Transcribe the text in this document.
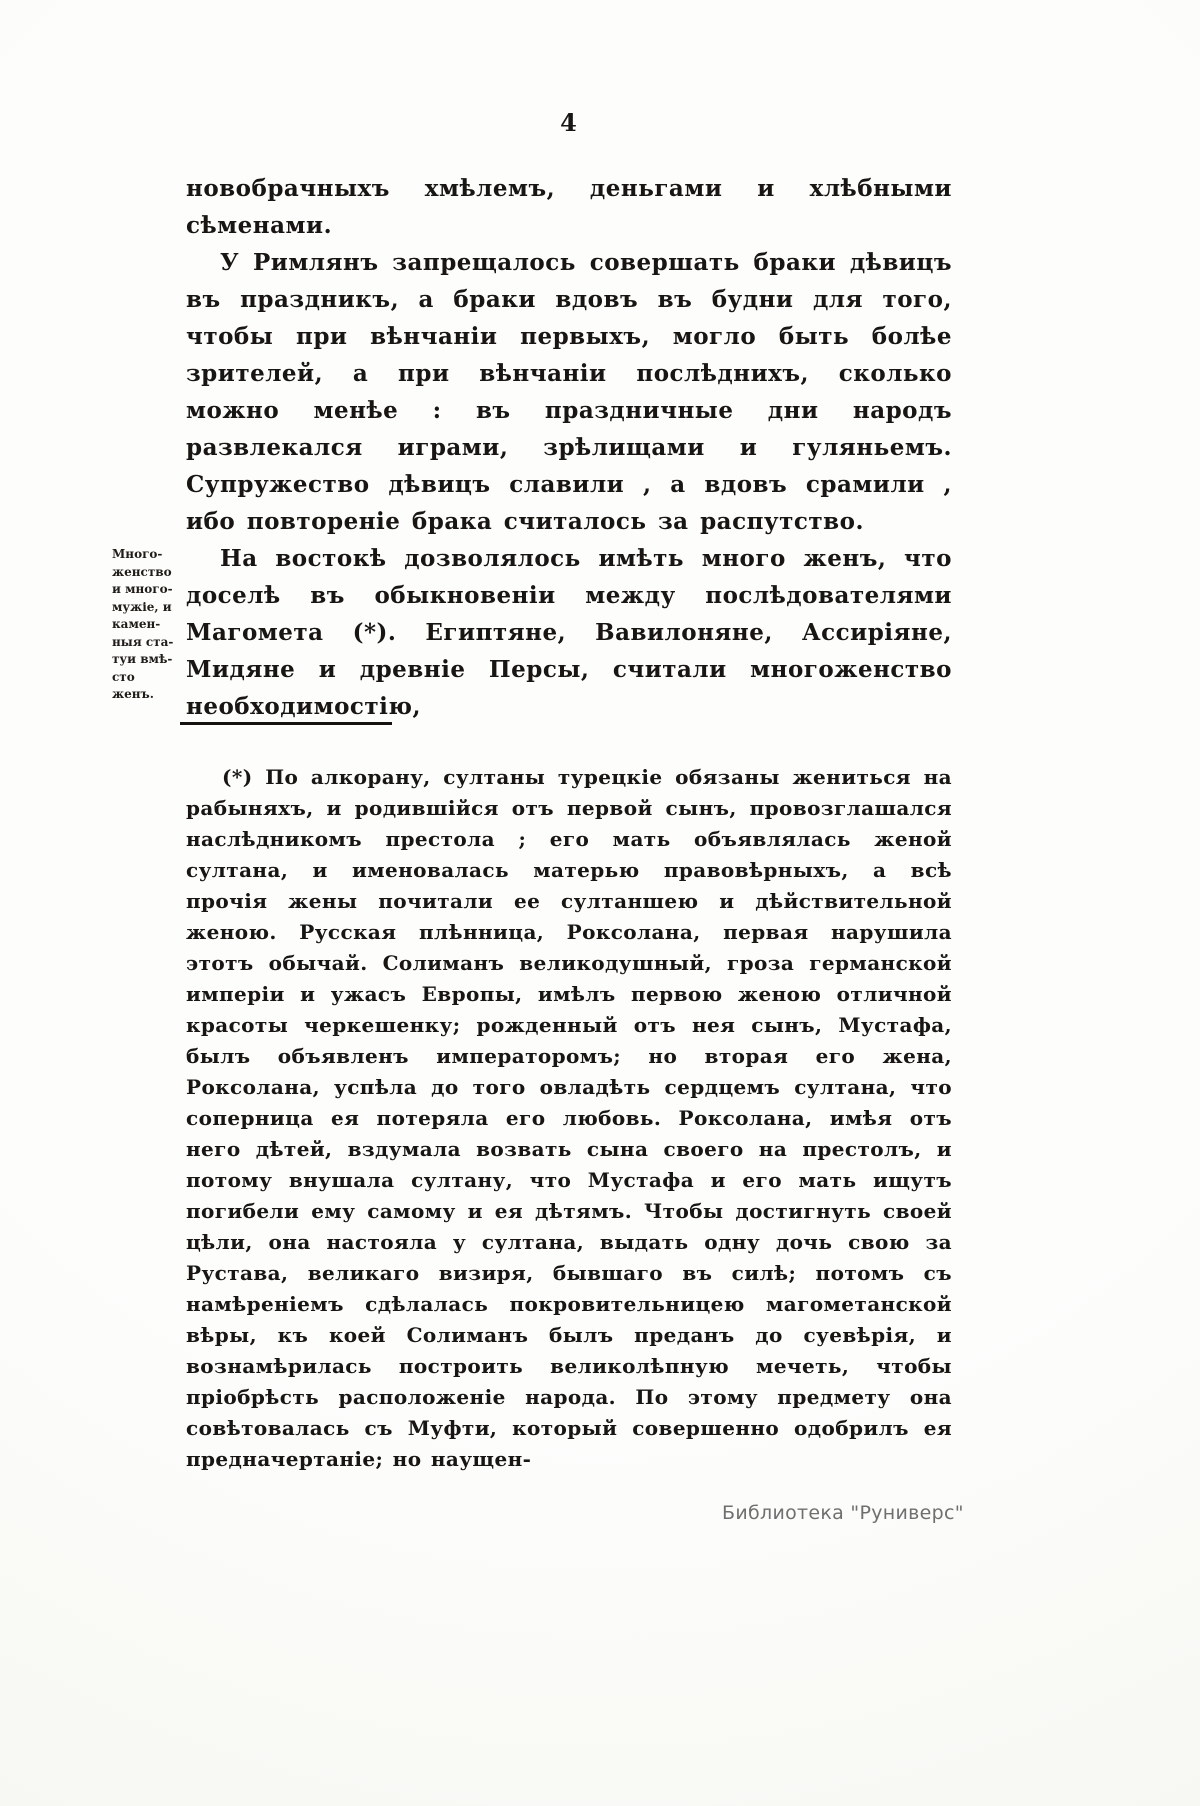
4
Много-
женство
и много-
мужіе, и
камен-
ныя ста-
туи вмѣ-
сто
женъ.

новобрачныхъ хмѣлемъ, деньгами и хлѣбными сѣменами.

У Римлянъ запрещалось совершать браки дѣвицъ въ праздникъ, а браки вдовъ въ будни для того, чтобы при вѣнчаніи первыхъ, могло быть болѣе зрителей, а при вѣнчаніи послѣднихъ, сколько можно менѣе : въ праздничные дни народъ развлекался играми, зрѣлищами и гуляньемъ. Супружество дѣвицъ славили , а вдовъ срамили , ибо повтореніе брака считалось за распутство.

На востокѣ дозволялось имѣть много женъ, что доселѣ въ обыкновеніи между послѣдователями Магомета (*). Египтяне, Вавилоняне, Ассиріяне, Мидяне и древніе Персы, считали многоженство необходимостію,

(*) По алкорану, султаны турецкіе обязаны жениться на рабыняхъ, и родившійся отъ первой сынъ, провозглашался наслѣдникомъ престола ; его мать объявлялась женой султана, и именовалась матерью правовѣрныхъ, а всѣ прочія жены почитали ее султаншею и дѣйствительной женою. Русская плѣнница, Роксолана, первая нарушила этотъ обычай. Солиманъ великодушный, гроза германской имперіи и ужасъ Европы, имѣлъ первою женою отличной красоты черкешенку; рожденный отъ нея сынъ, Мустафа, былъ объявленъ императоромъ; но вторая его жена, Роксолана, успѣла до того овладѣть сердцемъ султана, что соперница ея потеряла его любовь. Роксолана, имѣя отъ него дѣтей, вздумала возвать сына своего на престолъ, и потому внушала султану, что Мустафа и его мать ищутъ погибели ему самому и ея дѣтямъ. Чтобы достигнуть своей цѣли, она настояла у султана, выдать одну дочь свою за Рустава, великаго визиря, бывшаго въ силѣ; потомъ съ намѣреніемъ сдѣлалась покровительницею магометанской вѣры, къ коей Солиманъ былъ преданъ до суевѣрія, и вознамѣрилась построить великолѣпную мечеть, чтобы пріобрѣсть расположеніе народа. По этому предмету она совѣтовалась съ Муфти, который совершенно одобрилъ ея предначертаніе; но наущен-
Библиотека "Руниверс"
